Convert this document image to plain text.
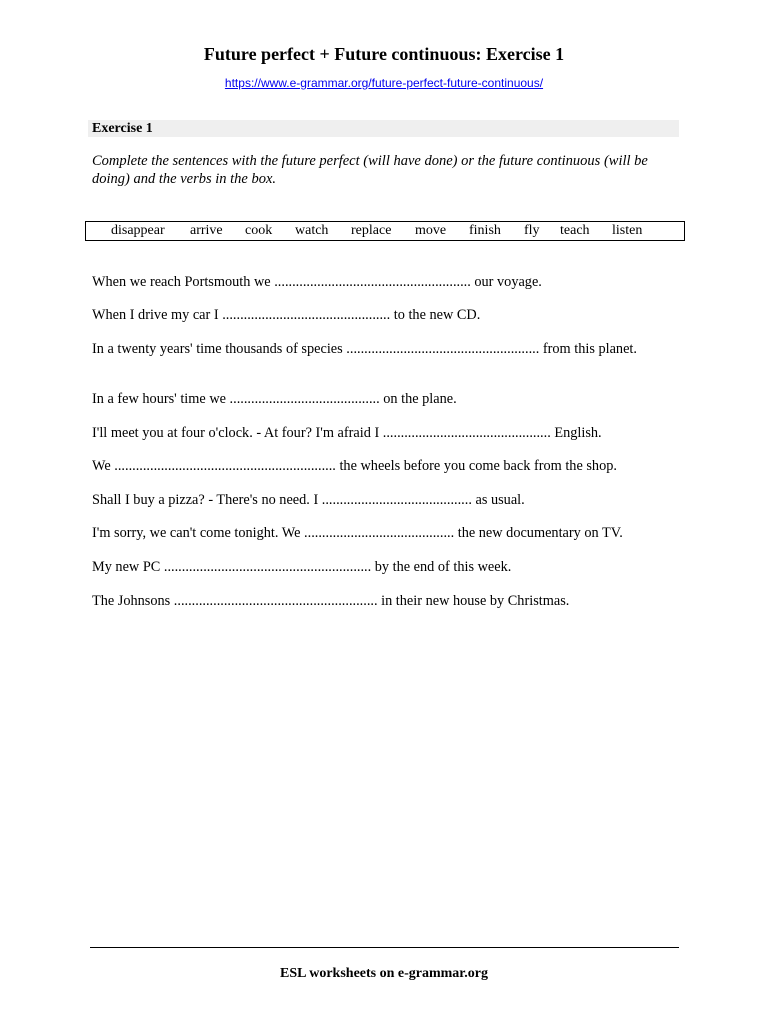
Future perfect + Future continuous: Exercise 1
https://www.e-grammar.org/future-perfect-future-continuous/
Exercise 1
Complete the sentences with the future perfect (will have done) or the future continuous (will be doing) and the verbs in the box.
disappear arrive cook watch replace move finish fly teach listen
When we reach Portsmouth we ....................................................... our voyage.
When I drive my car I ............................................... to the new CD.
In a twenty years' time thousands of species ...................................................... from this planet.
In a few hours' time we .......................................... on the plane.
I'll meet you at four o'clock. - At four? I'm afraid I ............................................... English.
We .............................................................. the wheels before you come back from the shop.
Shall I buy a pizza? - There's no need. I .......................................... as usual.
I'm sorry, we can't come tonight. We .......................................... the new documentary on TV.
My new PC .......................................................... by the end of this week.
The Johnsons ......................................................... in their new house by Christmas.
ESL worksheets on e-grammar.org
